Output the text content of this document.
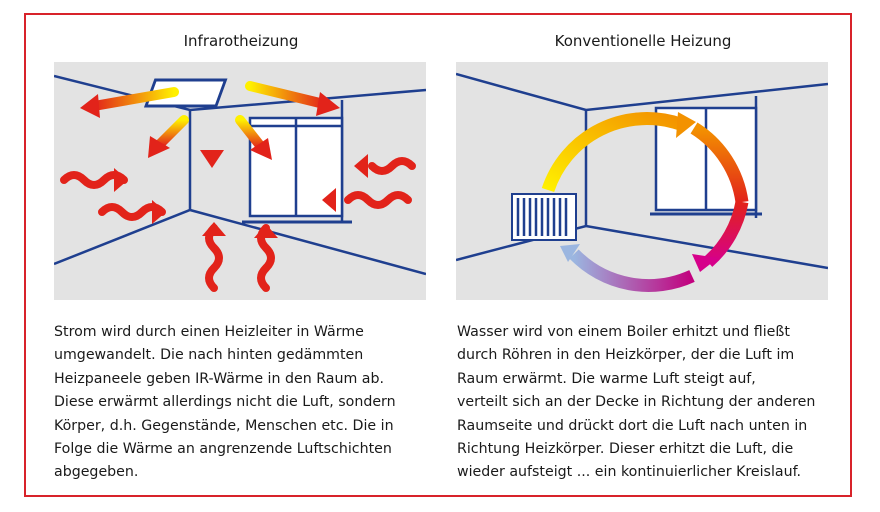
Infrarotheizung	Konventionelle Heizung

Strom wird durch einen Heizleiter in Wärme
umgewandelt. Die nach hinten gedämmten
Heizpaneele geben IR-Wärme in den Raum ab.
Diese erwärmt allerdings nicht die Luft, sondern
Körper, d.h. Gegenstände, Menschen etc. Die in
Folge die Wärme an angrenzende Luftschichten
abgegeben.

Wasser wird von einem Boiler erhitzt und fließt
durch Röhren in den Heizkörper, der die Luft im
Raum erwärmt. Die warme Luft steigt auf,
verteilt sich an der Decke in Richtung der anderen
Raumseite und drückt dort die Luft nach unten in
Richtung Heizkörper. Dieser erhitzt die Luft, die
wieder aufsteigt ... ein kontinuierlicher Kreislauf.
